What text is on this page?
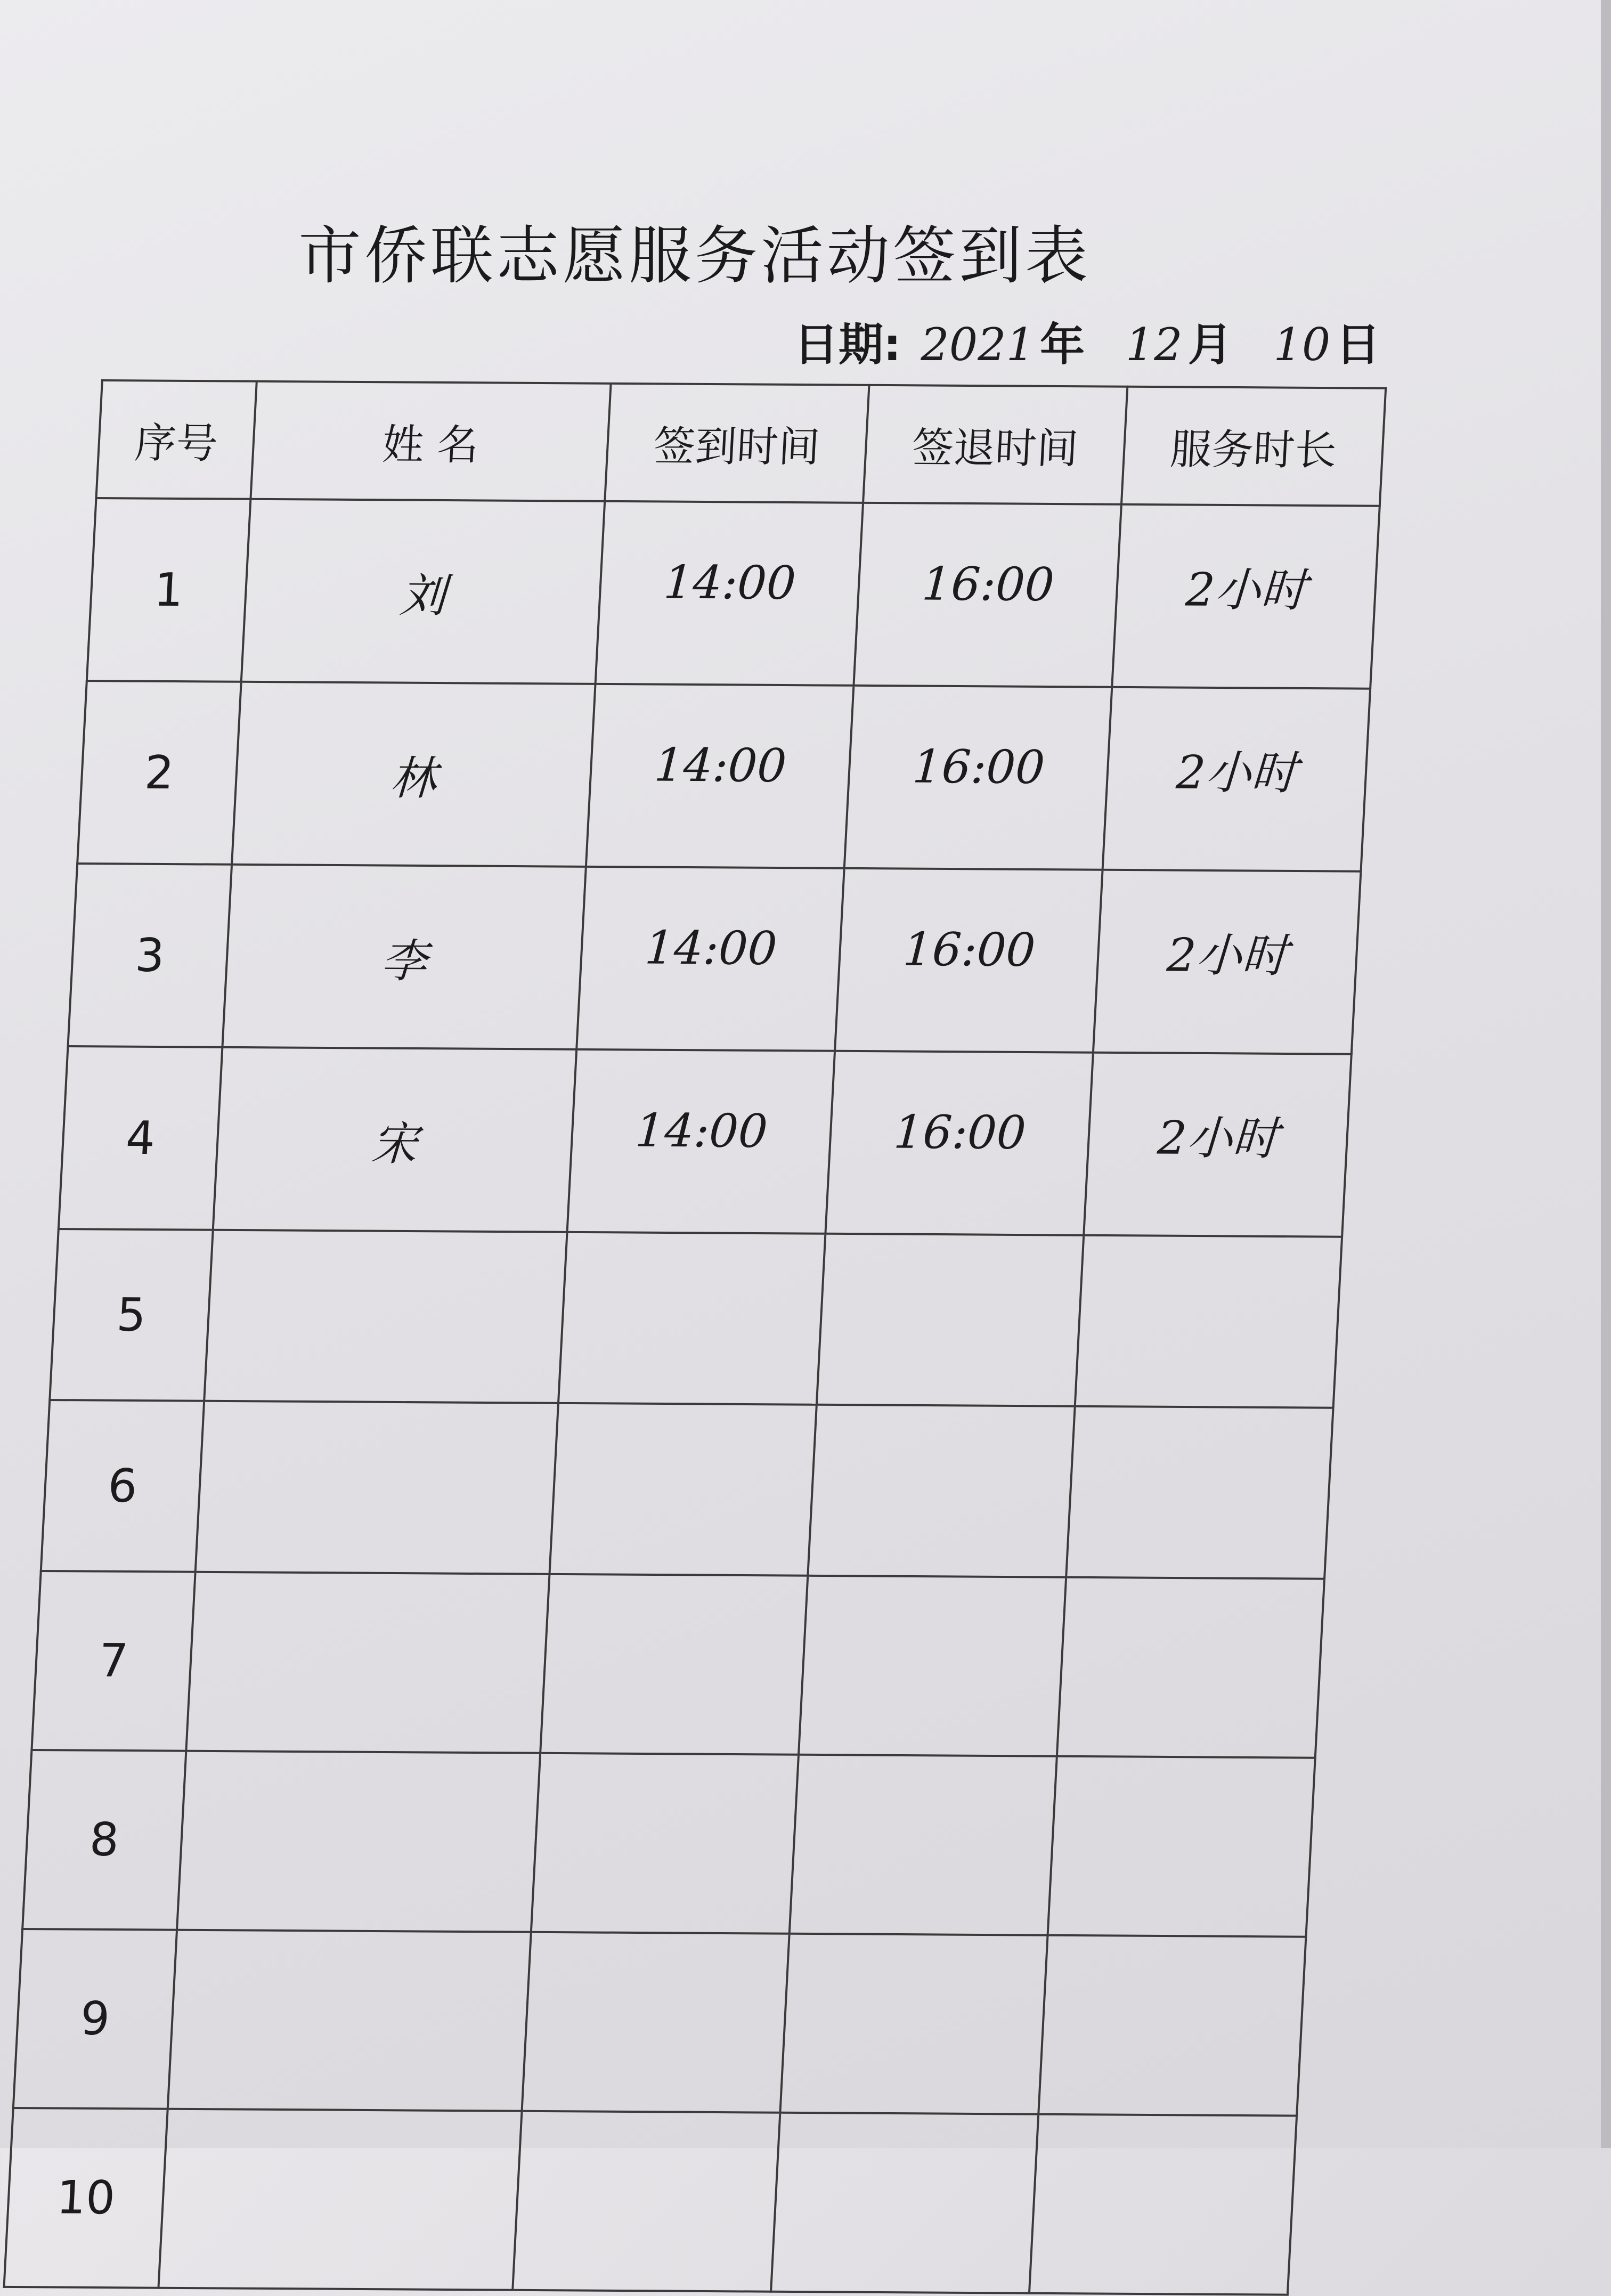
市侨联志愿服务活动签到表
日期: 2021 年 12 月 10 日
序号	姓 名	签到时间	签退时间	服务时长
1	刘	14:00	16:00	2小时
2	林	14:00	16:00	2小时
3	李	14:00	16:00	2小时
4	宋	14:00	16:00	2小时
5				
6				
7				
8				
9				
10				
